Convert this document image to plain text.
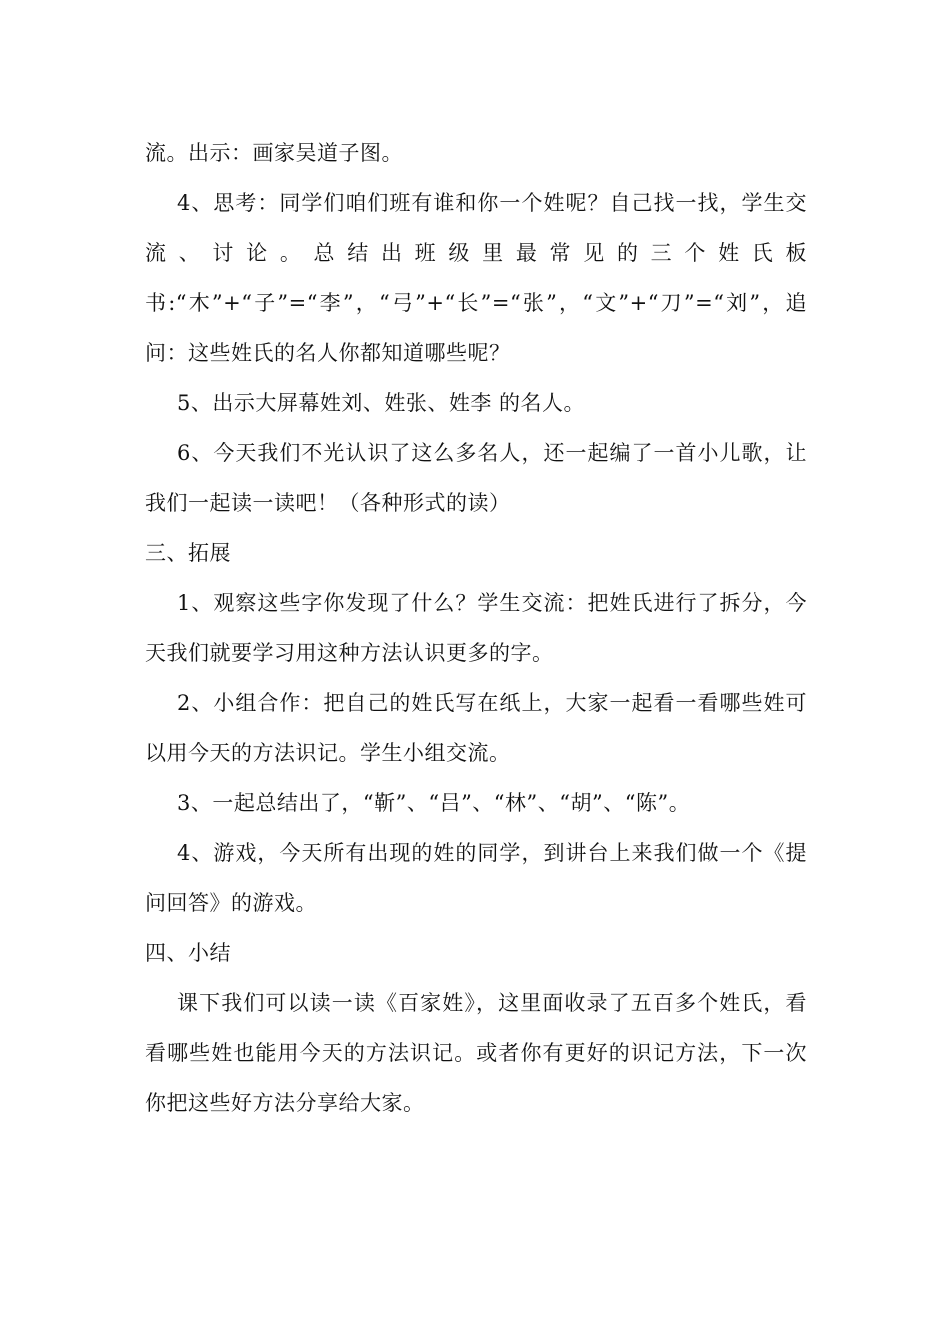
流。出示：画家吴道子图。

4、思考：同学们咱们班有谁和你一个姓呢？自己找一找，学生交流、讨论。总结出班级里最常见的三个姓氏板书:“木”+“子”=“李”，“弓”+“长”=“张”，“文”+“刀”=“刘”，追问：这些姓氏的名人你都知道哪些呢？

5、出示大屏幕姓刘、姓张、姓李 的名人。

6、今天我们不光认识了这么多名人，还一起编了一首小儿歌，让我们一起读一读吧！（各种形式的读）

三、拓展

1、观察这些字你发现了什么？学生交流：把姓氏进行了拆分，今天我们就要学习用这种方法认识更多的字。

2、小组合作：把自己的姓氏写在纸上，大家一起看一看哪些姓可以用今天的方法识记。学生小组交流。

3、一起总结出了，“靳”、“吕”、“林”、“胡”、“陈”。

4、游戏，今天所有出现的姓的同学，到讲台上来我们做一个《提问回答》的游戏。

四、小结

课下我们可以读一读《百家姓》，这里面收录了五百多个姓氏，看看哪些姓也能用今天的方法识记。或者你有更好的识记方法，下一次你把这些好方法分享给大家。
